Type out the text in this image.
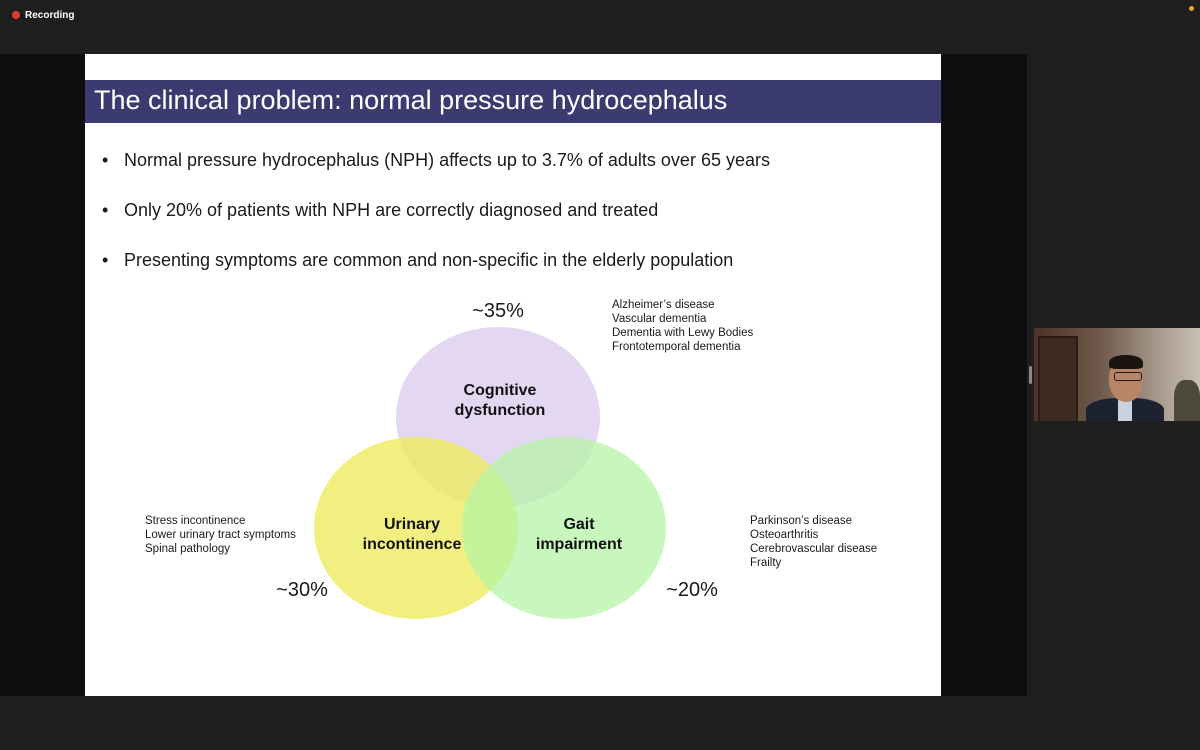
Recording
The clinical problem: normal pressure hydrocephalus
• Normal pressure hydrocephalus (NPH) affects up to 3.7% of adults over 65 years
• Only 20% of patients with NPH are correctly diagnosed and treated
• Presenting symptoms are common and non-specific in the elderly population
Cognitive
dysfunction
Urinary
incontinence
Gait
impairment
~35%
~30%	~20%
Alzheimer’s disease
Vascular dementia
Dementia with Lewy Bodies
Frontotemporal dementia
Stress incontinence
Lower urinary tract symptoms
Spinal pathology
Parkinson’s disease
Osteoarthritis
Cerebrovascular disease
Frailty
